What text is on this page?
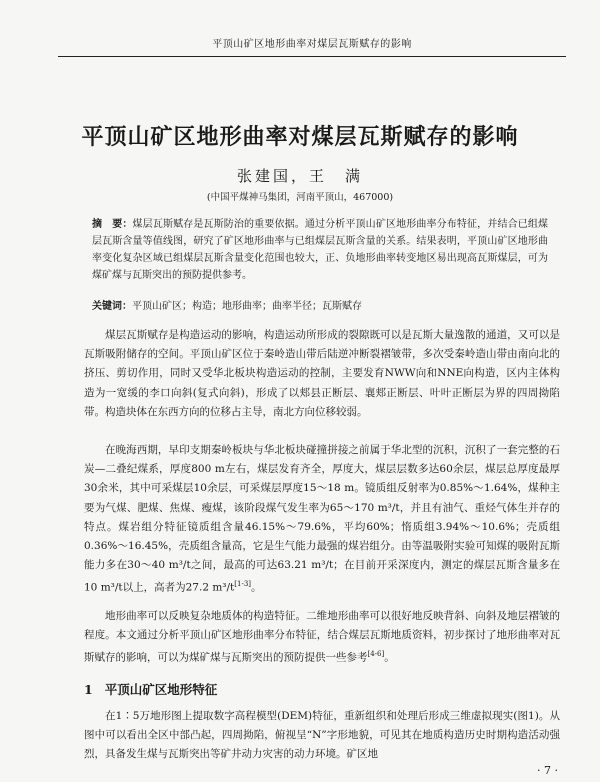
平顶山矿区地形曲率对煤层瓦斯赋存的影响
平顶山矿区地形曲率对煤层瓦斯赋存的影响
张建国，王　满
(中国平煤神马集团，河南平顶山，467000)
摘　要：煤层瓦斯赋存是瓦斯防治的重要依据。通过分析平顶山矿区地形曲率分布特征，并结合已组煤层瓦斯含量等值线图，研究了矿区地形曲率与已组煤层瓦斯含量的关系。结果表明，平顶山矿区地形曲率变化复杂区域已组煤层瓦斯含量变化范围也较大，正、负地形曲率转变地区易出现高瓦斯煤层，可为煤矿煤与瓦斯突出的预防提供参考。
关键词：平顶山矿区；构造；地形曲率；曲率半径；瓦斯赋存

煤层瓦斯赋存是构造运动的影响，构造运动所形成的裂隙既可以是瓦斯大量逸散的通道，又可以是瓦斯吸附储存的空间。平顶山矿区位于秦岭造山带后陆逆冲断裂褶皱带，多次受秦岭造山带由南向北的挤压、剪切作用，同时又受华北板块构造运动的控制，主要发育NWW向和NNE向构造，区内主体构造为一宽缓的李口向斜(复式向斜)，形成了以郏县正断层、襄郏正断层、叶叶正断层为界的四周拗陷带。构造块体在东西方向的位移占主导，南北方向位移较弱。

在晚海西期，早印支期秦岭板块与华北板块碰撞拼接之前属于华北型的沉积，沉积了一套完整的石炭—二叠纪煤系，厚度800 m左右，煤层发育齐全，厚度大，煤层层数多达60余层，煤层总厚度最厚30余米，其中可采煤层10余层，可采煤层厚度15～18 m。镜质组反射率为0.85%～1.64%，煤种主要为气煤、肥煤、焦煤、瘦煤，该阶段煤气发生率为65～170 m³/t，并且有油气、重烃气体生并存的特点。煤岩组分特征镜质组含量46.15%～79.6%，平均60%；惰质组3.94%～10.6%；壳质组0.36%～16.45%，壳质组含量高，它是生气能力最强的煤岩组分。由等温吸附实验可知煤的吸附瓦斯能力多在30～40 m³/t之间，最高的可达63.21 m³/t；在目前开采深度内，测定的煤层瓦斯含量多在10 m³/t以上，高者为27.2 m³/t[1-3]。

地形曲率可以反映复杂地质体的构造特征。二维地形曲率可以很好地反映背斜、向斜及地层褶皱的程度。本文通过分析平顶山矿区地形曲率分布特征，结合煤层瓦斯地质资料，初步探讨了地形曲率对瓦斯赋存的影响，可以为煤矿煤与瓦斯突出的预防提供一些参考[4-6]。

1 平顶山矿区地形特征

在1∶5万地形图上提取数字高程模型(DEM)特征，重新组织和处理后形成三维虚拟现实(图1)。从图中可以看出全区中部凸起，四周拗陷，俯视呈“N”字形地貌，可见其在地质构造历史时期构造活动强烈，具备发生煤与瓦斯突出等矿井动力灾害的动力环境。矿区地

· 7 ·
